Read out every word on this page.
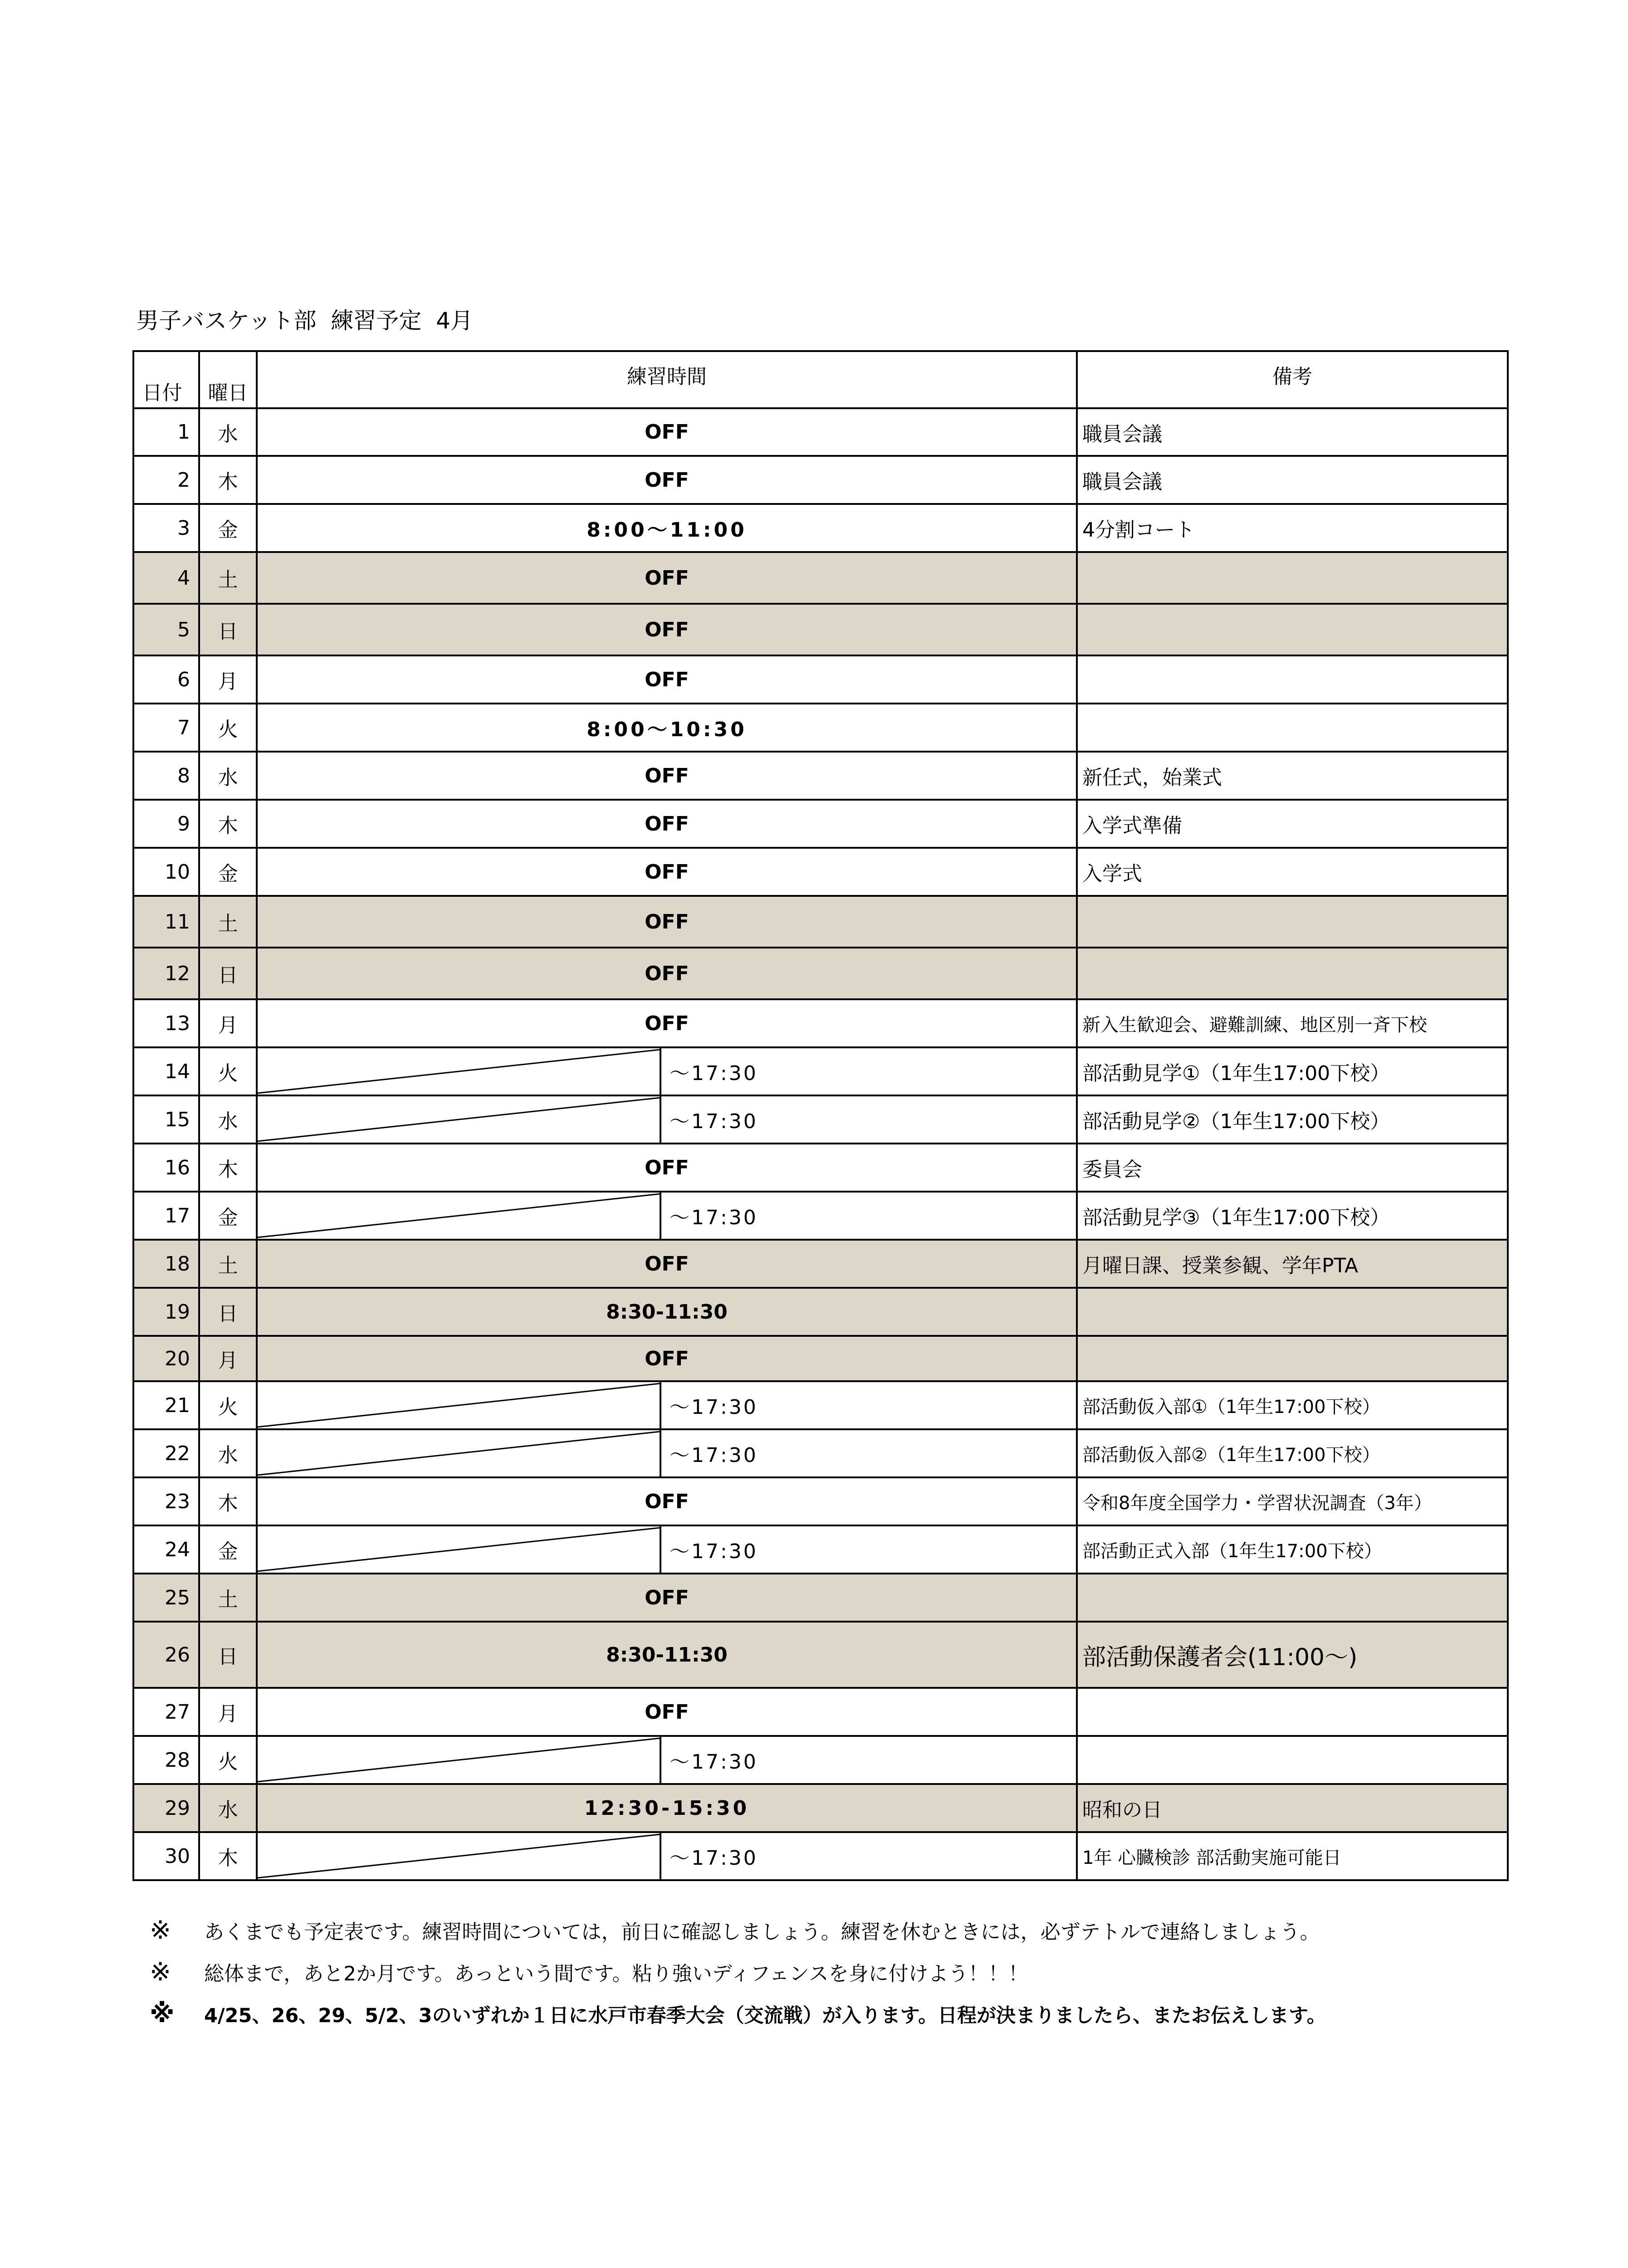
男子バスケット部  練習予定  4月
日付	曜日	練習時間		備考
1	水	OFF		職員会議
2	木	OFF		職員会議
3	金	8:00〜11:00		4分割コート
4	土	OFF		
5	日	OFF		
6	月	OFF		
7	火	8:00〜10:30		
8	水	OFF		新任式，始業式
9	木	OFF		入学式準備
10	金	OFF		入学式
11	土	OFF		
12	日	OFF		
13	月	OFF		新入生歓迎会、避難訓練、地区別一斉下校
14	火		〜17:30	部活動見学①（1年生17:00下校）
15	水		〜17:30	部活動見学②（1年生17:00下校）
16	木	OFF		委員会
17	金		〜17:30	部活動見学③（1年生17:00下校）
18	土	OFF		月曜日課、授業参観、学年PTA
19	日	8:30-11:30		
20	月	OFF		
21	火		〜17:30	部活動仮入部①（1年生17:00下校）
22	水		〜17:30	部活動仮入部②（1年生17:00下校）
23	木	OFF		令和8年度全国学力・学習状況調査（3年）
24	金		〜17:30	部活動正式入部（1年生17:00下校）
25	土	OFF		
26	日	8:30-11:30		部活動保護者会(11:00〜)
27	月	OFF		
28	火		〜17:30	
29	水	12:30-15:30		昭和の日
30	木		〜17:30	1年 心臓検診 部活動実施可能日
※ あくまでも予定表です。練習時間については，前日に確認しましょう。練習を休むときには，必ずテトルで連絡しましょう。
※ 総体まで，あと2か月です。あっという間です。粘り強いディフェンスを身に付けよう！！！
※ 4/25、26、29、5/2、3のいずれか１日に水戸市春季大会（交流戦）が入ります。日程が決まりましたら、またお伝えします。
